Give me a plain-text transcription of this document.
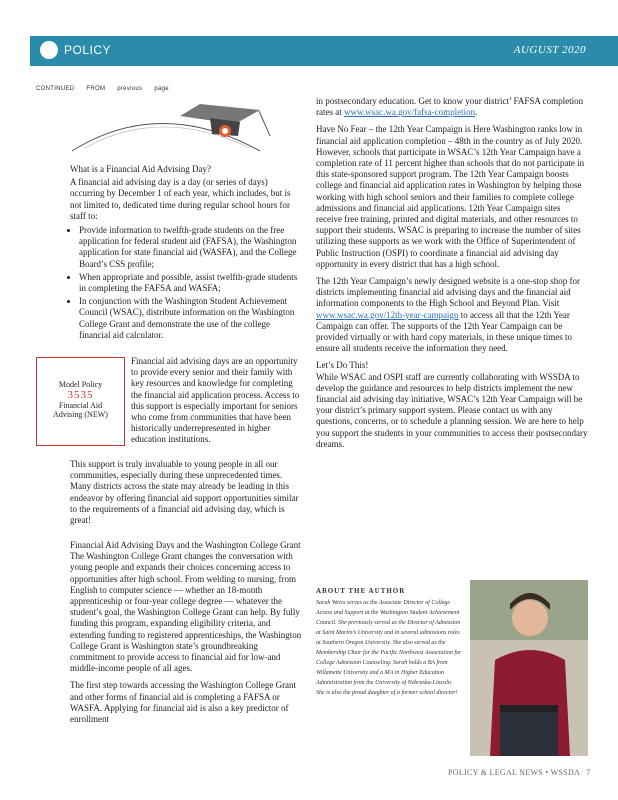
POLICY	AUGUST 2020
CONTINUED FROM previous page

What is a Financial Aid Advising Day?

A financial aid advising day is a day (or series of days) occurring by December 1 of each year, which includes, but is not limited to, dedicated time during regular school hours for staff to:

• Provide information to twelfth-grade students on the free application for federal student aid (FAFSA), the Washington application for state financial aid (WASFA), and the College Board’s CSS profile;
• When appropriate and possible, assist twelfth-grade students in completing the FAFSA and WASFA;
• In conjunction with the Washington Student Achievement Council (WSAC), distribute information on the Washington College Grant and demonstrate the use of the college financial aid calculator.
Model Policy
3535
Financial Aid
Advising (NEW)
Financial aid advising days are an opportunity to provide every senior and their family with key resources and knowledge for completing the financial aid application process. Access to this support is especially important for seniors who come from communities that have been historically underrepresented in higher education institutions.
This support is truly invaluable to young people in all our communities, especially during these unprecedented times. Many districts across the state may already be leading in this endeavor by offering financial aid support opportunities similar to the requirements of a financial aid advising day, which is great!

Financial Aid Advising Days and the Washington College Grant

The Washington College Grant changes the conversation with young people and expands their choices concerning access to opportunities after high school. From welding to nursing, from English to computer science — whether an 18-month apprenticeship or four-year college degree — whatever the student’s goal, the Washington College Grant can help. By fully funding this program, expanding eligibility criteria, and extending funding to registered apprenticeships, the Washington College Grant is Washington state’s groundbreaking commitment to provide access to financial aid for low-and middle-income people of all ages.

The first step towards accessing the Washington College Grant and other forms of financial aid is completing a FAFSA or WASFA. Applying for financial aid is also a key predictor of enrollment

in postsecondary education. Get to know your district’ FAFSA completion rates at www.wsac.wa.gov/fafsa-completion.

Have No Fear – the 12th Year Campaign is Here Washington ranks low in financial aid application completion – 48th in the country as of July 2020. However, schools that participate in WSAC’s 12th Year Campaign have a completion rate of 11 percent higher than schools that do not participate in this state-sponsored support program. The 12th Year Campaign boosts college and financial aid application rates in Washington by helping those working with high school seniors and their families to complete college admissions and financial aid applications. 12th Year Campaign sites receive free training, printed and digital materials, and other resources to support their students. WSAC is preparing to increase the number of sites utilizing these supports as we work with the Office of Superintendent of Public Instruction (OSPI) to coordinate a financial aid advising day opportunity in every district that has a high school.

The 12th Year Campaign’s newly designed website is a one-stop shop for districts implementing financial aid advising days and the financial aid information components to the High School and Beyond Plan. Visit www.wsac.wa.gov/12th-year-campaign to access all that the 12th Year Campaign can offer. The supports of the 12th Year Campaign can be provided virtually or with hard copy materials, in these unique times to ensure all students receive the information they need.

Let’s Do This!

While WSAC and OSPI staff are currently collaborating with WSSDA to develop the guidance and resources to help districts implement the new financial aid advising day initiative, WSAC’s 12th Year Campaign will be your district’s primary support system. Please contact us with any questions, concerns, or to schedule a planning session. We are here to help you support the students in your communities to access their postsecondary dreams.

ABOUT THE AUTHOR
Sarah Weiss serves as the Associate Director of College Access and Support at the Washington Student Achievement Council. She previously served as the Director of Admission at Saint Martin’s University and in several admissions roles at Southern Oregon University. She also served as the Membership Chair for the Pacific Northwest Association for College Admission Counseling. Sarah holds a BA from Willamette University and a MA in Higher Education Administration from the University of Nebraska-Lincoln. She is also the proud daughter of a former school director!
POLICY & LEGAL NEWS • WSSDA 7
